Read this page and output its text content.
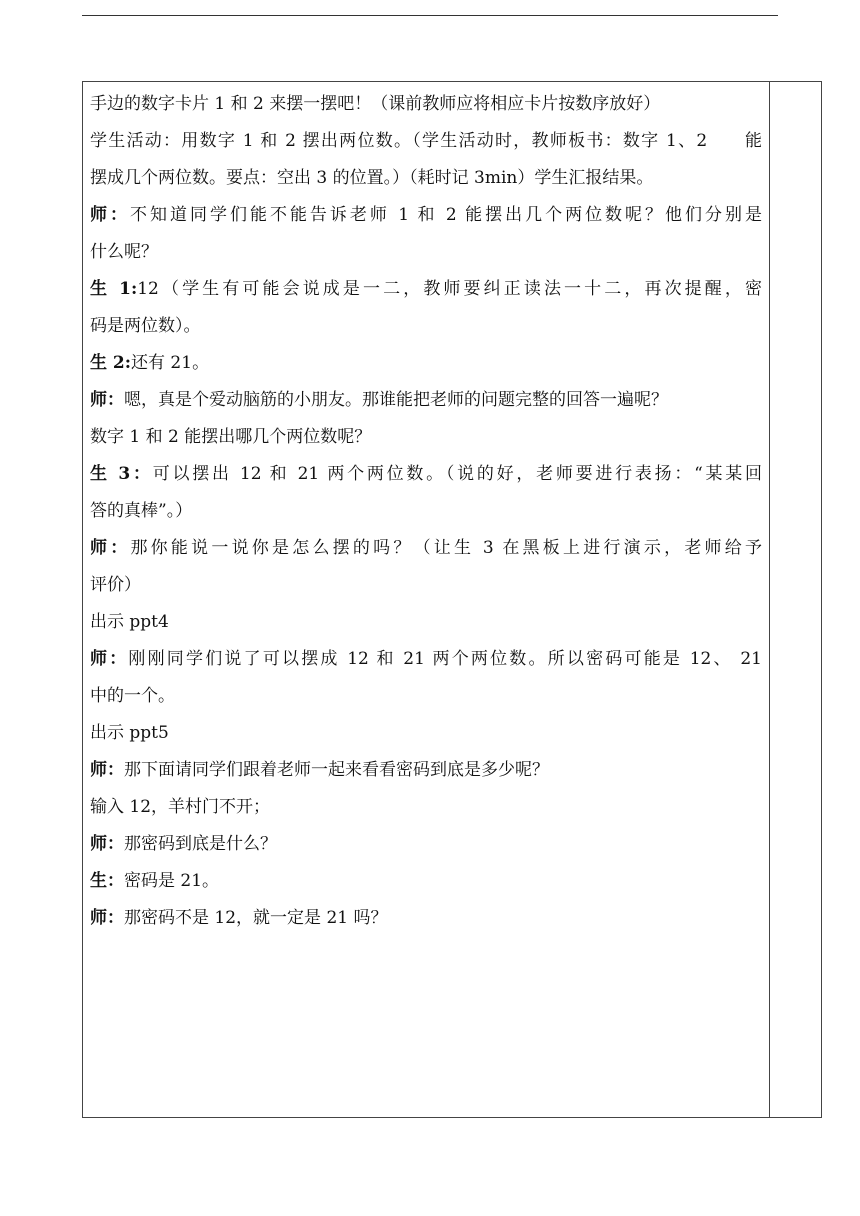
手边的数字卡片 1 和 2 来摆一摆吧！（课前教师应将相应卡片按数序放好）
学生活动：用数字 1 和 2 摆出两位数。（学生活动时，教师板书：数字 1、2　　能
摆成几个两位数。要点：空出 3 的位置。）（耗时记 3min）学生汇报结果。
师：不知道同学们能不能告诉老师 1 和 2 能摆出几个两位数呢？他们分别是
什么呢？
生 1:12（学生有可能会说成是一二，教师要纠正读法一十二，再次提醒，密
码是两位数）。
生 2:还有 21。
师：嗯，真是个爱动脑筋的小朋友。那谁能把老师的问题完整的回答一遍呢？
数字 1 和 2 能摆出哪几个两位数呢？
生 3：可以摆出 12 和 21 两个两位数。（说的好，老师要进行表扬：“某某回
答的真棒”。）
师：那你能说一说你是怎么摆的吗？（让生 3 在黑板上进行演示，老师给予
评价）
出示 ppt4
师：刚刚同学们说了可以摆成 12 和 21 两个两位数。所以密码可能是 12、 21
中的一个。
出示 ppt5
师：那下面请同学们跟着老师一起来看看密码到底是多少呢？
输入 12，羊村门不开；
师：那密码到底是什么？
生：密码是 21。
师：那密码不是 12，就一定是 21 吗？
